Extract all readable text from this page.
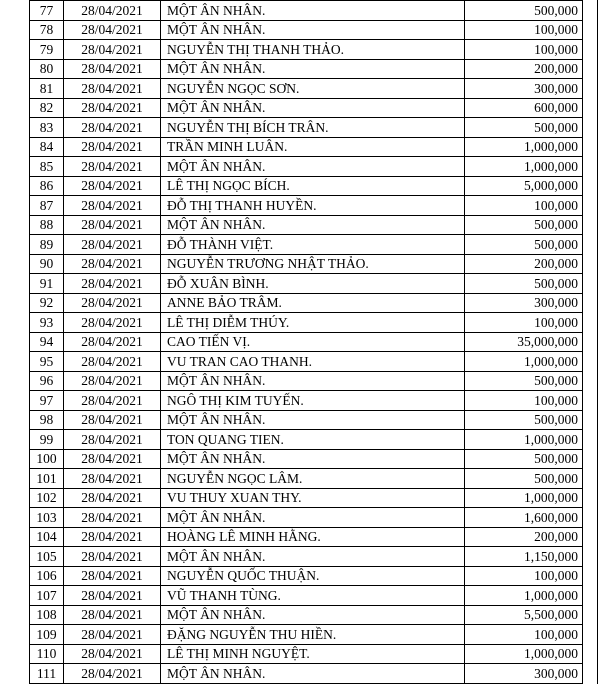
77	28/04/2021	MỘT ÂN NHÂN.	500,000
78	28/04/2021	MỘT ÂN NHÂN.	100,000
79	28/04/2021	NGUYỄN THỊ THANH THẢO.	100,000
80	28/04/2021	MỘT ÂN NHÂN.	200,000
81	28/04/2021	NGUYỄN NGỌC SƠN.	300,000
82	28/04/2021	MỘT ÂN NHÂN.	600,000
83	28/04/2021	NGUYỄN THỊ BÍCH TRÂN.	500,000
84	28/04/2021	TRẦN MINH LUÂN.	1,000,000
85	28/04/2021	MỘT ÂN NHÂN.	1,000,000
86	28/04/2021	LÊ THỊ NGỌC BÍCH.	5,000,000
87	28/04/2021	ĐỖ THỊ THANH HUYỀN.	100,000
88	28/04/2021	MỘT ÂN NHÂN.	500,000
89	28/04/2021	ĐỖ THÀNH VIỆT.	500,000
90	28/04/2021	NGUYỄN TRƯƠNG NHẬT THẢO.	200,000
91	28/04/2021	ĐỖ XUÂN BÌNH.	500,000
92	28/04/2021	ANNE BẢO TRÂM.	300,000
93	28/04/2021	LÊ THỊ DIỄM THÚY.	100,000
94	28/04/2021	CAO TIẾN VỊ.	35,000,000
95	28/04/2021	VU TRAN CAO THANH.	1,000,000
96	28/04/2021	MỘT ÂN NHÂN.	500,000
97	28/04/2021	NGÔ THỊ KIM TUYẾN.	100,000
98	28/04/2021	MỘT ÂN NHÂN.	500,000
99	28/04/2021	TON QUANG TIEN.	1,000,000
100	28/04/2021	MỘT ÂN NHÂN.	500,000
101	28/04/2021	NGUYỄN NGỌC LÂM.	500,000
102	28/04/2021	VU THUY XUAN THY.	1,000,000
103	28/04/2021	MỘT ÂN NHÂN.	1,600,000
104	28/04/2021	HOÀNG LÊ MINH HẰNG.	200,000
105	28/04/2021	MỘT ÂN NHÂN.	1,150,000
106	28/04/2021	NGUYỄN QUỐC THUẬN.	100,000
107	28/04/2021	VŨ THANH TÙNG.	1,000,000
108	28/04/2021	MỘT ÂN NHÂN.	5,500,000
109	28/04/2021	ĐẶNG NGUYỄN THU HIỀN.	100,000
110	28/04/2021	LÊ THỊ MINH NGUYỆT.	1,000,000
111	28/04/2021	MỘT ÂN NHÂN.	300,000
